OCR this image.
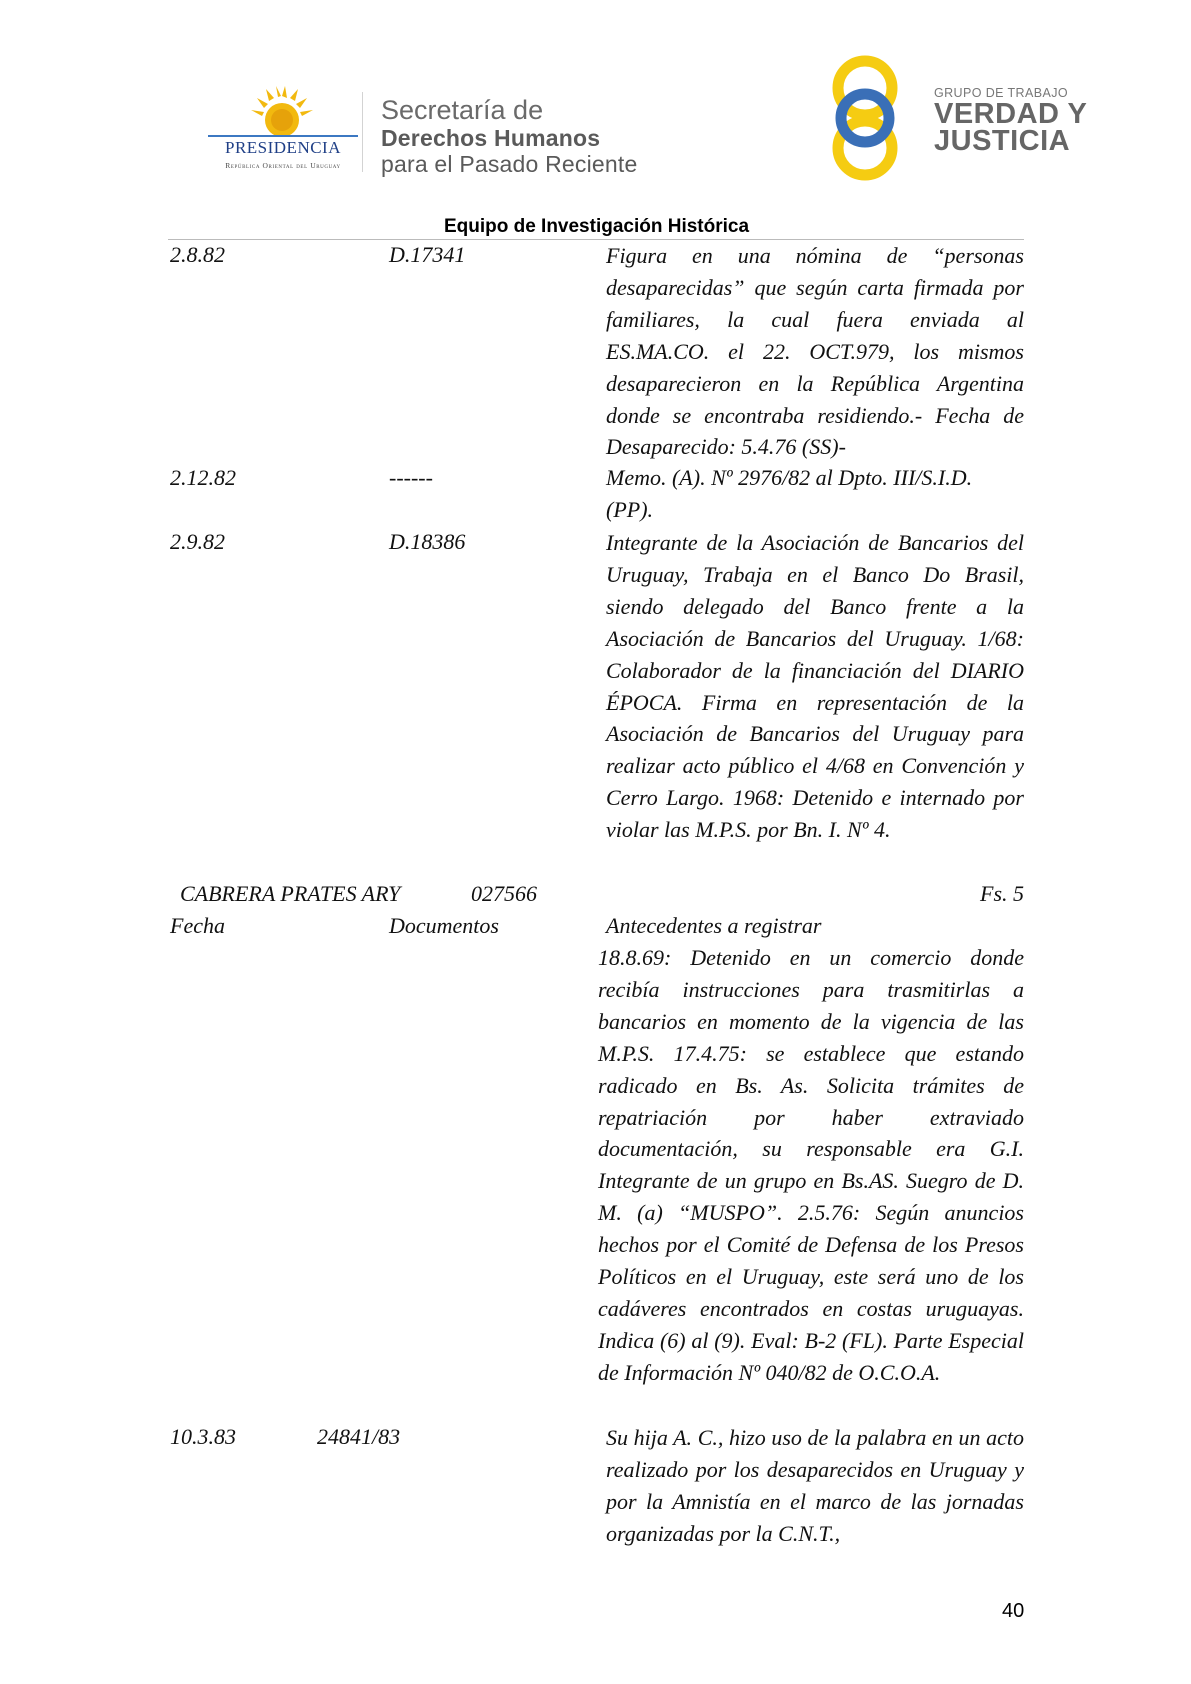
PRESIDENCIA
República Oriental del Uruguay
Secretaría de
Derechos Humanos
para el Pasado Reciente
GRUPO DE TRABAJO
VERDAD Y
JUSTICIA
Equipo de Investigación Histórica
2.8.82	D.17341	Figura en una nómina de “personas desaparecidas” que según carta firmada por familiares, la cual fuera enviada al ES.MA.CO. el 22. OCT.979, los mismos desaparecieron en la República Argentina donde se encontraba residiendo.- Fecha de Desaparecido: 5.4.76 (SS)-
2.12.82	------	Memo. (A). Nº 2976/82 al Dpto. III/S.I.D.
(PP).
2.9.82	D.18386	Integrante de la Asociación de Bancarios del Uruguay, Trabaja en el Banco Do Brasil, siendo delegado del Banco frente a la Asociación de Bancarios del Uruguay. 1/68: Colaborador de la financiación del DIARIO ÉPOCA. Firma en representación de la Asociación de Bancarios del Uruguay para realizar acto público el 4/68 en Convención y Cerro Largo. 1968: Detenido e internado por violar las M.P.S. por Bn. I. Nº 4.
CABRERA PRATES ARY	027566	Fs. 5
Fecha	Documentos	Antecedentes a registrar
18.8.69: Detenido en un comercio donde recibía instrucciones para trasmitirlas a bancarios en momento de la vigencia de las M.P.S. 17.4.75: se establece que estando radicado en Bs. As. Solicita trámites de repatriación por haber extraviado documentación, su responsable era G.I. Integrante de un grupo en Bs.AS. Suegro de D. M. (a) “MUSPO”. 2.5.76: Según anuncios hechos por el Comité de Defensa de los Presos Políticos en el Uruguay, este será uno de los cadáveres encontrados en costas uruguayas. Indica (6) al (9). Eval: B-2 (FL). Parte Especial de Información Nº 040/82 de O.C.O.A.
10.3.83	24841/83	Su hija A. C., hizo uso de la palabra en un acto realizado por los desaparecidos en Uruguay y por la Amnistía en el marco de las jornadas organizadas por la C.N.T.,
40
